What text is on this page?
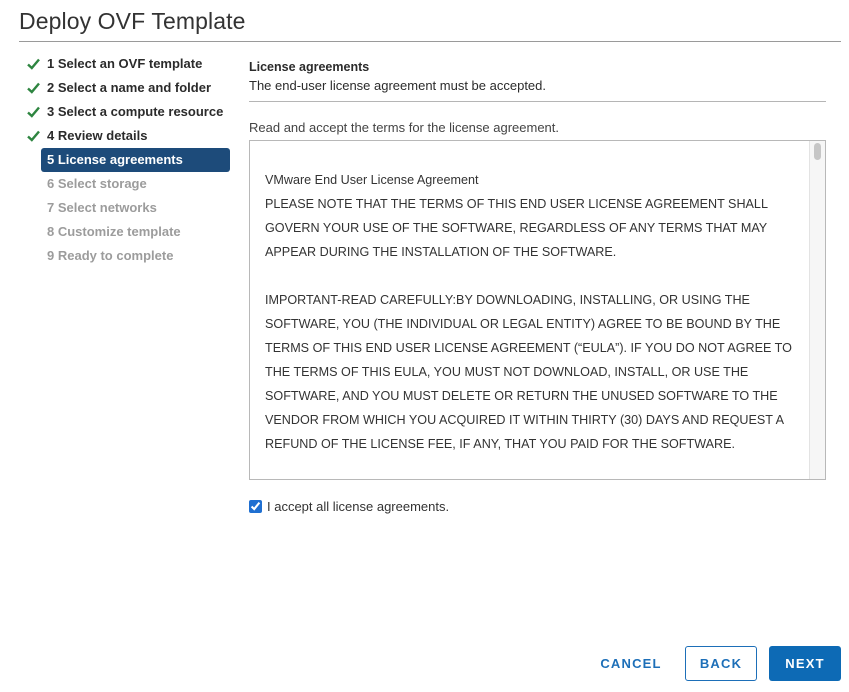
Deploy OVF Template
1 Select an OVF template
2 Select a name and folder
3 Select a compute resource
4 Review details
5 License agreements
6 Select storage
7 Select networks
8 Customize template
9 Ready to complete
License agreements
The end-user license agreement must be accepted.
Read and accept the terms for the license agreement.

VMware End User License Agreement

PLEASE NOTE THAT THE TERMS OF THIS END USER LICENSE AGREEMENT SHALL GOVERN YOUR USE OF THE SOFTWARE, REGARDLESS OF ANY TERMS THAT MAY APPEAR DURING THE INSTALLATION OF THE SOFTWARE.

IMPORTANT-READ CAREFULLY:BY DOWNLOADING, INSTALLING, OR USING THE SOFTWARE, YOU (THE INDIVIDUAL OR LEGAL ENTITY) AGREE TO BE BOUND BY THE TERMS OF THIS END USER LICENSE AGREEMENT (“EULA”). IF YOU DO NOT AGREE TO THE TERMS OF THIS EULA, YOU MUST NOT DOWNLOAD, INSTALL, OR USE THE SOFTWARE, AND YOU MUST DELETE OR RETURN THE UNUSED SOFTWARE TO THE VENDOR FROM WHICH YOU ACQUIRED IT WITHIN THIRTY (30) DAYS AND REQUEST A REFUND OF THE LICENSE FEE, IF ANY, THAT YOU PAID FOR THE SOFTWARE.

I accept all license agreements.
CANCEL	BACK	NEXT
